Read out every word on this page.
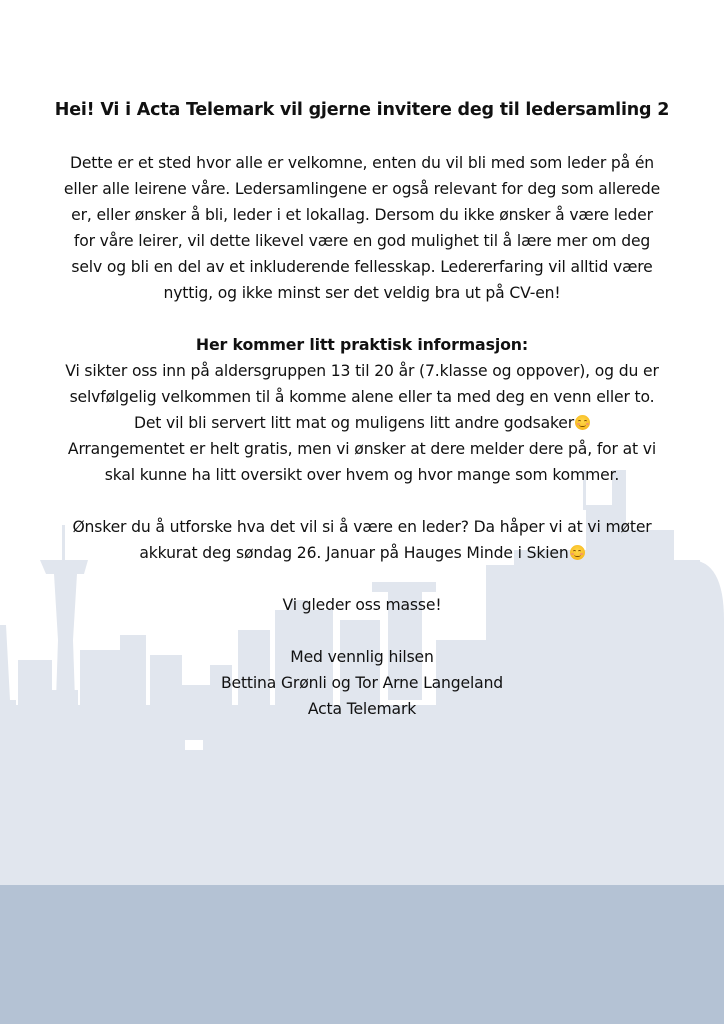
Hei! Vi i Acta Telemark vil gjerne invitere deg til ledersamling 2
Dette er et sted hvor alle er velkomne, enten du vil bli med som leder på én
eller alle leirene våre. Ledersamlingene er også relevant for deg som allerede
er, eller ønsker å bli, leder i et lokallag. Dersom du ikke ønsker å være leder
for våre leirer, vil dette likevel være en god mulighet til å lære mer om deg
selv og bli en del av et inkluderende fellesskap. Ledererfaring vil alltid være
nyttig, og ikke minst ser det veldig bra ut på CV-en!
Her kommer litt praktisk informasjon:
Vi sikter oss inn på aldersgruppen 13 til 20 år (7.klasse og oppover), og du er
selvfølgelig velkommen til å komme alene eller ta med deg en venn eller to.
Det vil bli servert litt mat og muligens litt andre godsaker
Arrangementet er helt gratis, men vi ønsker at dere melder dere på, for at vi
skal kunne ha litt oversikt over hvem og hvor mange som kommer.
Ønsker du å utforske hva det vil si å være en leder? Da håper vi at vi møter
akkurat deg søndag 26. Januar på Hauges Minde i Skien
Vi gleder oss masse!
Med vennlig hilsen
Bettina Grønli og Tor Arne Langeland
Acta Telemark
